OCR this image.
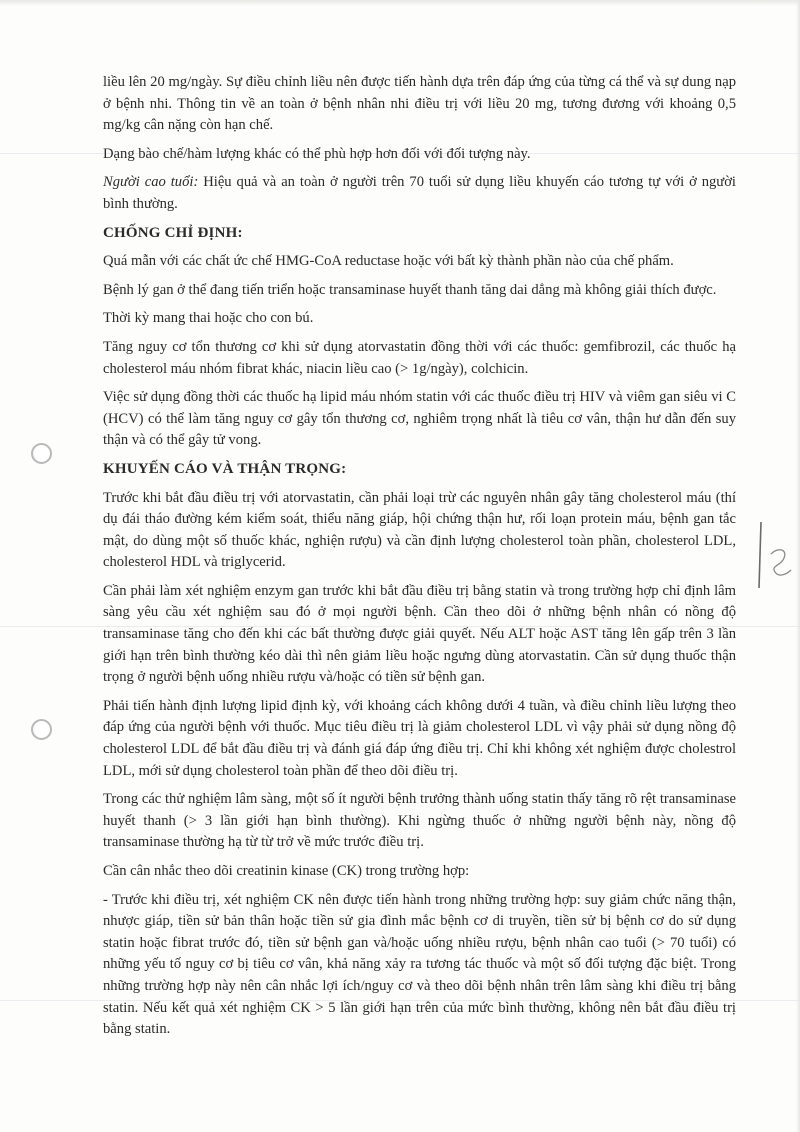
liều lên 20 mg/ngày. Sự điều chỉnh liều nên được tiến hành dựa trên đáp ứng của từng cá thể và sự dung nạp ở bệnh nhi. Thông tin về an toàn ở bệnh nhân nhi điều trị với liều 20 mg, tương đương với khoảng 0,5 mg/kg cân nặng còn hạn chế.

Dạng bào chế/hàm lượng khác có thể phù hợp hơn đối với đối tượng này.

Người cao tuổi: Hiệu quả và an toàn ở người trên 70 tuổi sử dụng liều khuyến cáo tương tự với ở người bình thường.

CHỐNG CHỈ ĐỊNH:

Quá mẫn với các chất ức chế HMG-CoA reductase hoặc với bất kỳ thành phần nào của chế phẩm.

Bệnh lý gan ở thể đang tiến triển hoặc transaminase huyết thanh tăng dai dẳng mà không giải thích được.

Thời kỳ mang thai hoặc cho con bú.

Tăng nguy cơ tổn thương cơ khi sử dụng atorvastatin đồng thời với các thuốc: gemfibrozil, các thuốc hạ cholesterol máu nhóm fibrat khác, niacin liều cao (> 1g/ngày), colchicin.

Việc sử dụng đồng thời các thuốc hạ lipid máu nhóm statin với các thuốc điều trị HIV và viêm gan siêu vi C (HCV) có thể làm tăng nguy cơ gây tổn thương cơ, nghiêm trọng nhất là tiêu cơ vân, thận hư dẫn đến suy thận và có thể gây tử vong.

KHUYẾN CÁO VÀ THẬN TRỌNG:

Trước khi bắt đầu điều trị với atorvastatin, cần phải loại trừ các nguyên nhân gây tăng cholesterol máu (thí dụ đái tháo đường kém kiểm soát, thiểu năng giáp, hội chứng thận hư, rối loạn protein máu, bệnh gan tắc mật, do dùng một số thuốc khác, nghiện rượu) và cần định lượng cholesterol toàn phần, cholesterol LDL, cholesterol HDL và triglycerid.

Cần phải làm xét nghiệm enzym gan trước khi bắt đầu điều trị bằng statin và trong trường hợp chỉ định lâm sàng yêu cầu xét nghiệm sau đó ở mọi người bệnh. Cần theo dõi ở những bệnh nhân có nồng độ transaminase tăng cho đến khi các bất thường được giải quyết. Nếu ALT hoặc AST tăng lên gấp trên 3 lần giới hạn trên bình thường kéo dài thì nên giảm liều hoặc ngưng dùng atorvastatin. Cần sử dụng thuốc thận trọng ở người bệnh uống nhiều rượu và/hoặc có tiền sử bệnh gan.

Phải tiến hành định lượng lipid định kỳ, với khoảng cách không dưới 4 tuần, và điều chỉnh liều lượng theo đáp ứng của người bệnh với thuốc. Mục tiêu điều trị là giảm cholesterol LDL vì vậy phải sử dụng nồng độ cholesterol LDL để bắt đầu điều trị và đánh giá đáp ứng điều trị. Chỉ khi không xét nghiệm được cholestrol LDL, mới sử dụng cholesterol toàn phần để theo dõi điều trị.

Trong các thử nghiệm lâm sàng, một số ít người bệnh trưởng thành uống statin thấy tăng rõ rệt transaminase huyết thanh (> 3 lần giới hạn bình thường). Khi ngừng thuốc ở những người bệnh này, nồng độ transaminase thường hạ từ từ trở về mức trước điều trị.

Cần cân nhắc theo dõi creatinin kinase (CK) trong trường hợp:

- Trước khi điều trị, xét nghiệm CK nên được tiến hành trong những trường hợp: suy giảm chức năng thận, nhược giáp, tiền sử bản thân hoặc tiền sử gia đình mắc bệnh cơ di truyền, tiền sử bị bệnh cơ do sử dụng statin hoặc fibrat trước đó, tiền sử bệnh gan và/hoặc uống nhiều rượu, bệnh nhân cao tuổi (> 70 tuổi) có những yếu tố nguy cơ bị tiêu cơ vân, khả năng xảy ra tương tác thuốc và một số đối tượng đặc biệt. Trong những trường hợp này nên cân nhắc lợi ích/nguy cơ và theo dõi bệnh nhân trên lâm sàng khi điều trị bằng statin. Nếu kết quả xét nghiệm CK > 5 lần giới hạn trên của mức bình thường, không nên bắt đầu điều trị bằng statin.
